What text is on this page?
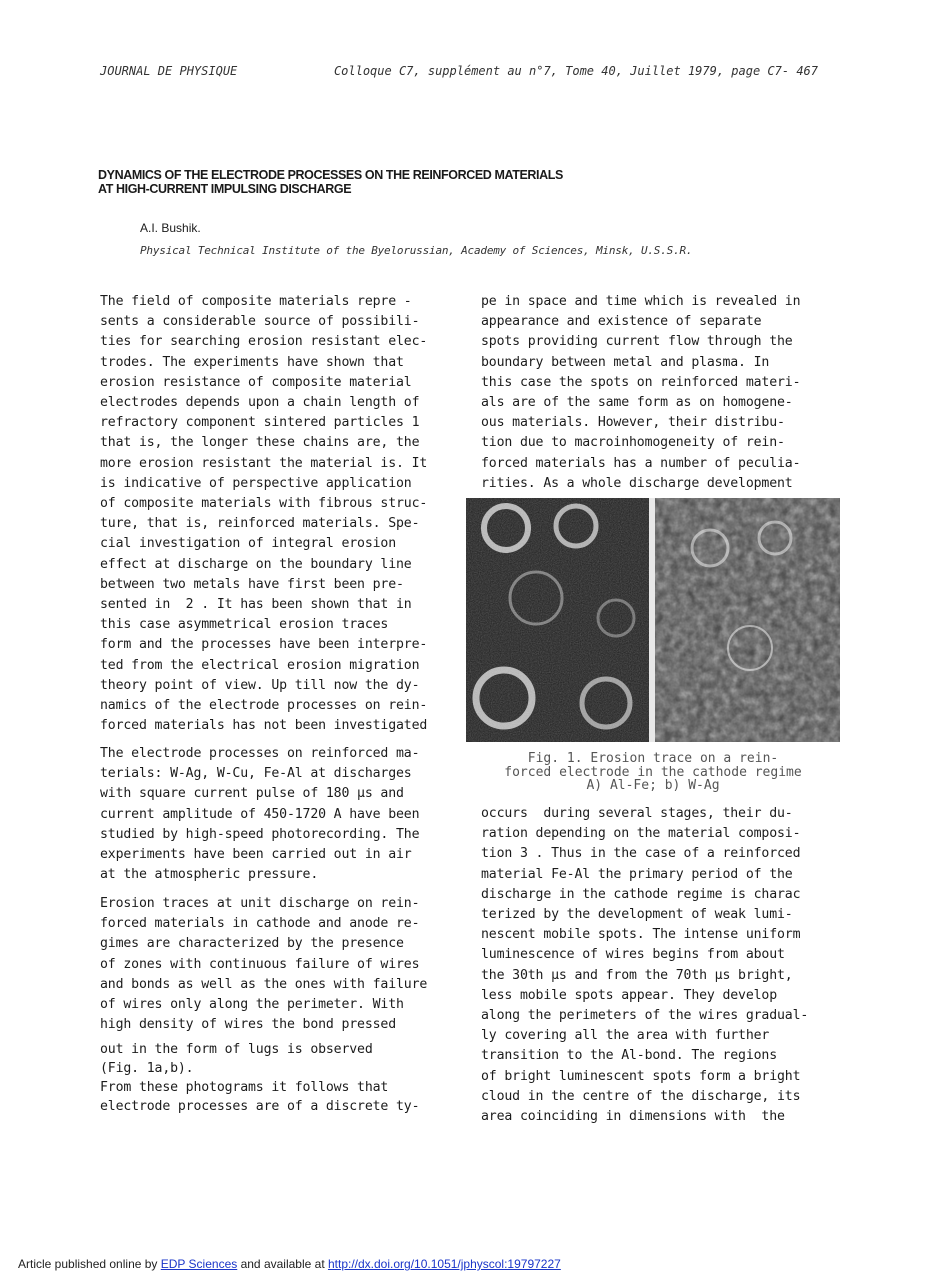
JOURNAL DE PHYSIQUE	Colloque C7, supplément au n°7, Tome 40, Juillet 1979, page C7- 467
DYNAMICS OF THE ELECTRODE PROCESSES ON THE REINFORCED MATERIALS
AT HIGH-CURRENT IMPULSING DISCHARGE
A.I. Bushik.
Physical Technical Institute of the Byelorussian, Academy of Sciences, Minsk, U.S.S.R.

The field of composite materials repre -

sents a considerable source of possibili-

ties for searching erosion resistant elec-

trodes. The experiments have shown that

erosion resistance of composite material

electrodes depends upon a chain length of

refractory component sintered particles 1

that is, the longer these chains are, the

more erosion resistant the material is. It

is indicative of perspective application

of composite materials with fibrous struc-

ture, that is, reinforced materials. Spe-

cial investigation of integral erosion

effect at discharge on the boundary line

between two metals have first been pre-

sented in  2 . It has been shown that in

this case asymmetrical erosion traces

form and the processes have been interpre-

ted from the electrical erosion migration

theory point of view. Up till now the dy-

namics of the electrode processes on rein-

forced materials has not been investigated

The electrode processes on reinforced ma-

terials: W-Ag, W-Cu, Fe-Al at discharges

with square current pulse of 180 µs and

current amplitude of 450-1720 A have been

studied by high-speed photorecording. The

experiments have been carried out in air

at the atmospheric pressure.

Erosion traces at unit discharge on rein-

forced materials in cathode and anode re-

gimes are characterized by the presence

of zones with continuous failure of wires

and bonds as well as the ones with failure

of wires only along the perimeter. With

high density of wires the bond pressed

out in the form of lugs is observed

(Fig. 1a,b).

From these photograms it follows that

electrode processes are of a discrete ty-

pe in space and time which is revealed in

appearance and existence of separate

spots providing current flow through the

boundary between metal and plasma. In

this case the spots on reinforced materi-

als are of the same form as on homogene-

ous materials. However, their distribu-

tion due to macroinhomogeneity of rein-

forced materials has a number of peculia-

rities. As a whole discharge development

occurs  during several stages, their du-

ration depending on the material composi-

tion 3 . Thus in the case of a reinforced

material Fe-Al the primary period of the

discharge in the cathode regime is charac

terized by the development of weak lumi-

nescent mobile spots. The intense uniform

luminescence of wires begins from about

the 30th µs and from the 70th µs bright,

less mobile spots appear. They develop

along the perimeters of the wires gradual-

ly covering all the area with further

transition to the Al-bond. The regions

of bright luminescent spots form a bright

cloud in the centre of the discharge, its

area coinciding in dimensions with  the

Fig. 1. Erosion trace on a rein-

forced electrode in the cathode regime

A) Al-Fe; b) W-Ag

Article published online by EDP Sciences and available at http://dx.doi.org/10.1051/jphyscol:19797227
